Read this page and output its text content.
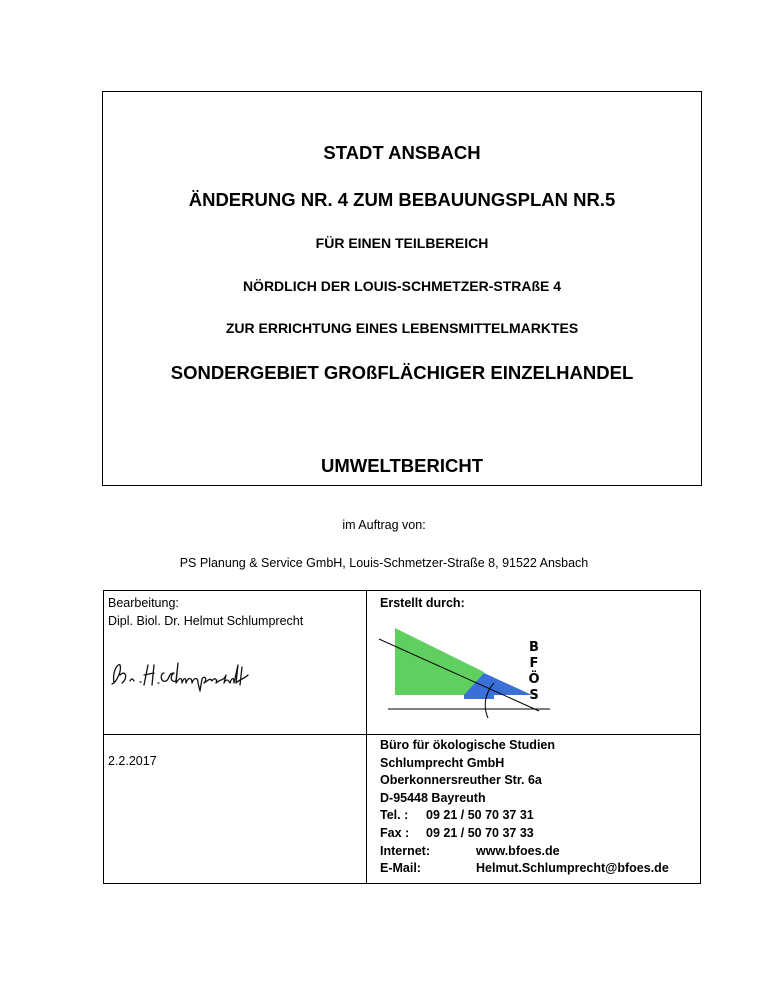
STADT ANSBACH
ÄNDERUNG NR. 4 ZUM BEBAUUNGSPLAN NR.5
FÜR EINEN TEILBEREICH
NÖRDLICH DER LOUIS-SCHMETZER-STRAßE 4
ZUR ERRICHTUNG EINES LEBENSMITTELMARKTES
SONDERGEBIET GROßFLÄCHIGER EINZELHANDEL
UMWELTBERICHT
im Auftrag von:
PS Planung & Service GmbH, Louis-Schmetzer-Straße 8, 91522 Ansbach
Bearbeitung:
Dipl. Biol. Dr. Helmut Schlumprecht
Erstellt durch:
B
F
Ö
S
2.2.2017
Büro für ökologische Studien
Schlumprecht GmbH
Oberkonnersreuther Str. 6a
D-95448 Bayreuth
Tel. : 09 21 / 50 70 37 31
Fax : 09 21 / 50 70 37 33
Internet:	www.bfoes.de
E-Mail:	Helmut.Schlumprecht@bfoes.de
